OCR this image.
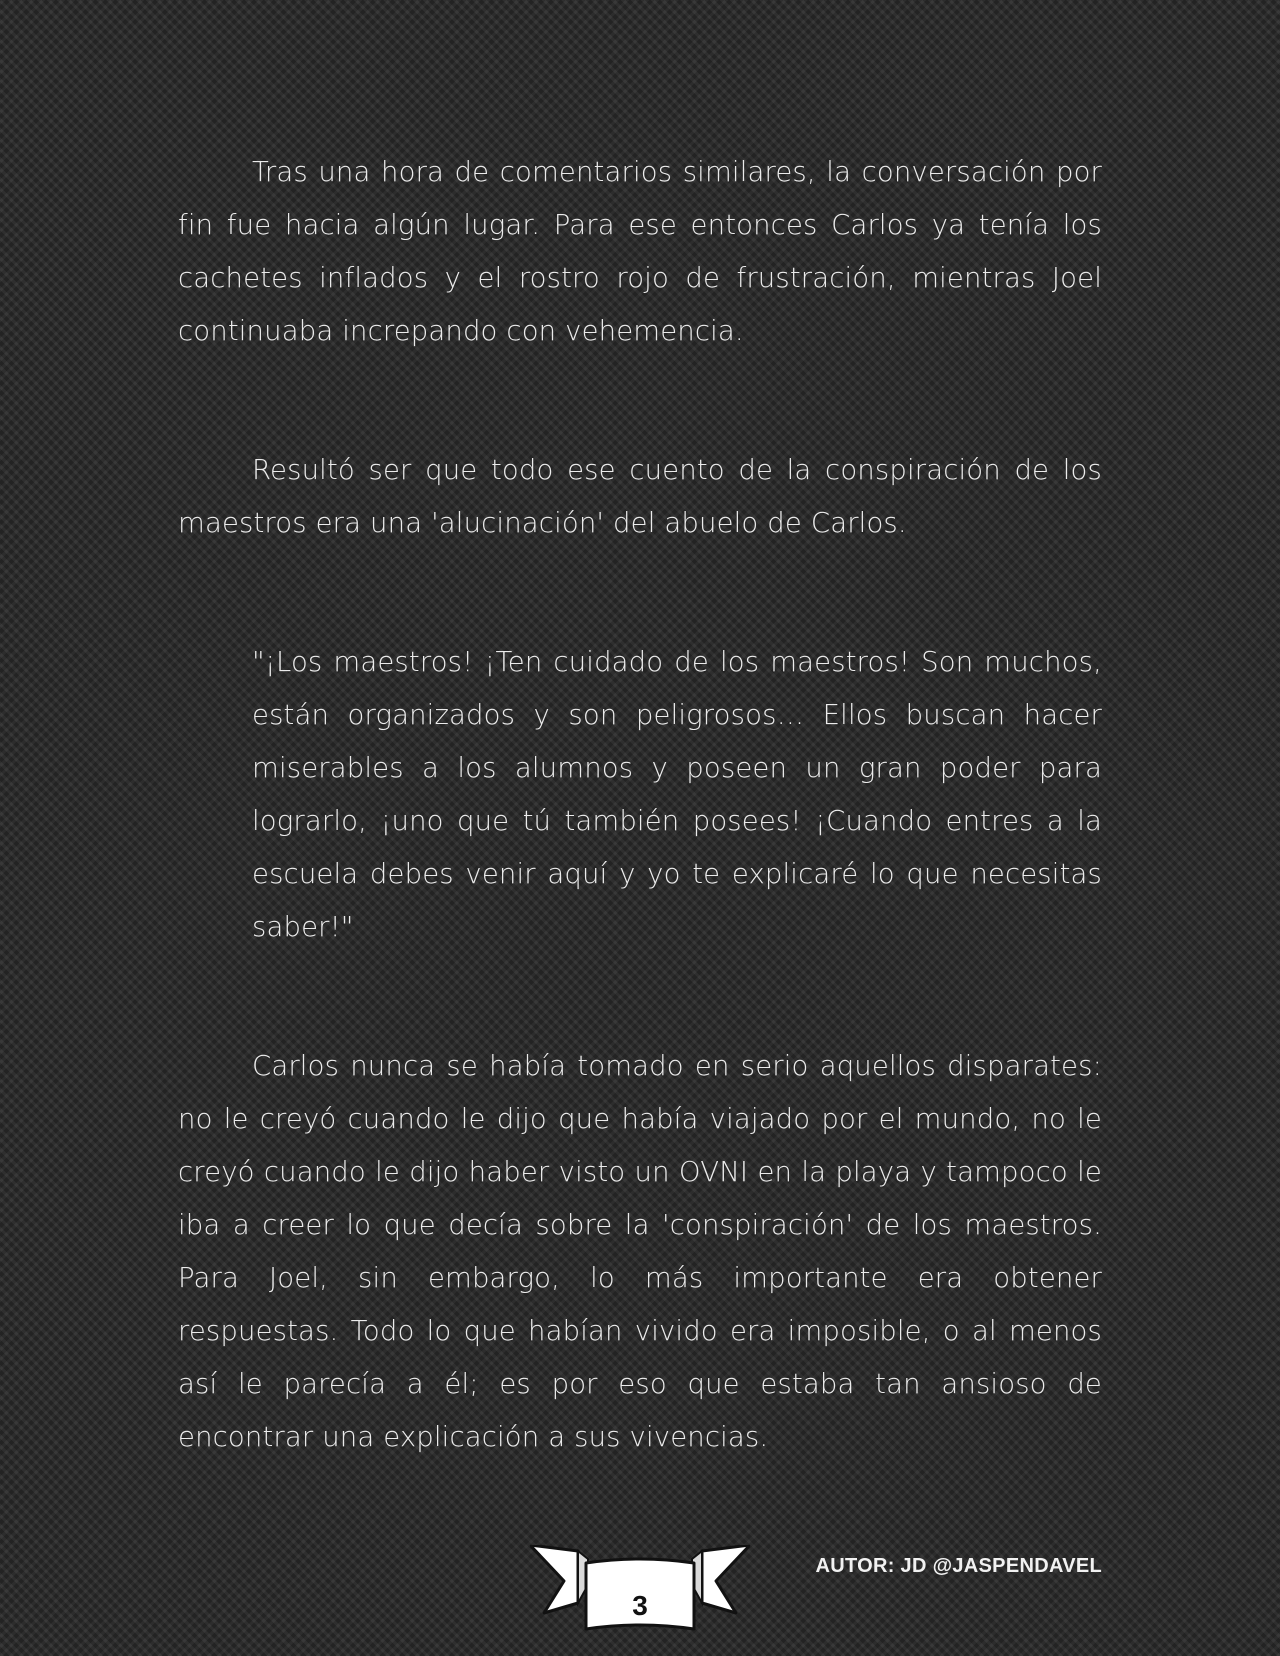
Tras una hora de comentarios similares, la conversación por fin fue hacia algún lugar. Para ese entonces Carlos ya tenía los cachetes inflados y el rostro rojo de frustración, mientras Joel continuaba increpando con vehemencia.

Resultó ser que todo ese cuento de la conspiración de los maestros era una 'alucinación' del abuelo de Carlos.

"¡Los maestros! ¡Ten cuidado de los maestros! Son muchos, están organizados y son peligrosos… Ellos buscan hacer miserables a los alumnos y poseen un gran poder para lograrlo, ¡uno que tú también posees! ¡Cuando entres a la escuela debes venir aquí y yo te explicaré lo que necesitas saber!"

Carlos nunca se había tomado en serio aquellos disparates: no le creyó cuando le dijo que había viajado por el mundo, no le creyó cuando le dijo haber visto un OVNI en la playa y tampoco le iba a creer lo que decía sobre la 'conspiración' de los maestros. Para Joel, sin embargo, lo más importante era obtener respuestas. Todo lo que habían vivido era imposible, o al menos así le parecía a él; es por eso que estaba tan ansioso de encontrar una explicación a sus vivencias.

3
AUTOR: JD @JASPENDAVEL
